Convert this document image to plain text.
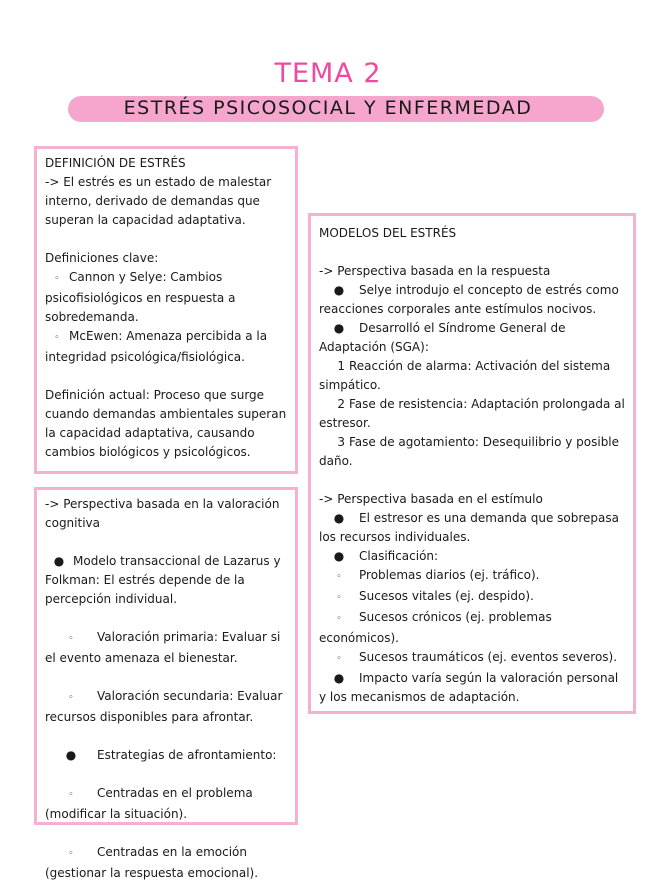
TEMA 2
ESTRÉS PSICOSOCIAL Y ENFERMEDAD

DEFINICIÓN DE ESTRÉS

-> El estrés es un estado de malestar interno, derivado de demandas que superan la capacidad adaptativa.

Definiciones clave:

◦ Cannon y Selye: Cambios psicofisiológicos en respuesta a sobredemanda.

◦ McEwen: Amenaza percibida a la integridad psicológica/fisiológica.

Definición actual: Proceso que surge cuando demandas ambientales superan la capacidad adaptativa, causando cambios biológicos y psicológicos.

-> Perspectiva basada en la valoración cognitiva

● Modelo transaccional de Lazarus y Folkman: El estrés depende de la percepción individual.

◦ Valoración primaria: Evaluar si el evento amenaza el bienestar.

◦ Valoración secundaria: Evaluar recursos disponibles para afrontar.

● Estrategias de afrontamiento:

◦ Centradas en el problema (modificar la situación).

◦ Centradas en la emoción (gestionar la respuesta emocional).

MODELOS DEL ESTRÉS

-> Perspectiva basada en la respuesta

● Selye introdujo el concepto de estrés como reacciones corporales ante estímulos nocivos.

● Desarrolló el Síndrome General de Adaptación (SGA):

1 Reacción de alarma: Activación del sistema simpático.

2 Fase de resistencia: Adaptación prolongada al estresor.

3 Fase de agotamiento: Desequilibrio y posible daño.

-> Perspectiva basada en el estímulo

● El estresor es una demanda que sobrepasa los recursos individuales.

● Clasificación:

◦ Problemas diarios (ej. tráfico).

◦ Sucesos vitales (ej. despido).

◦ Sucesos crónicos (ej. problemas económicos).

◦ Sucesos traumáticos (ej. eventos severos).

● Impacto varía según la valoración personal y los mecanismos de adaptación.
